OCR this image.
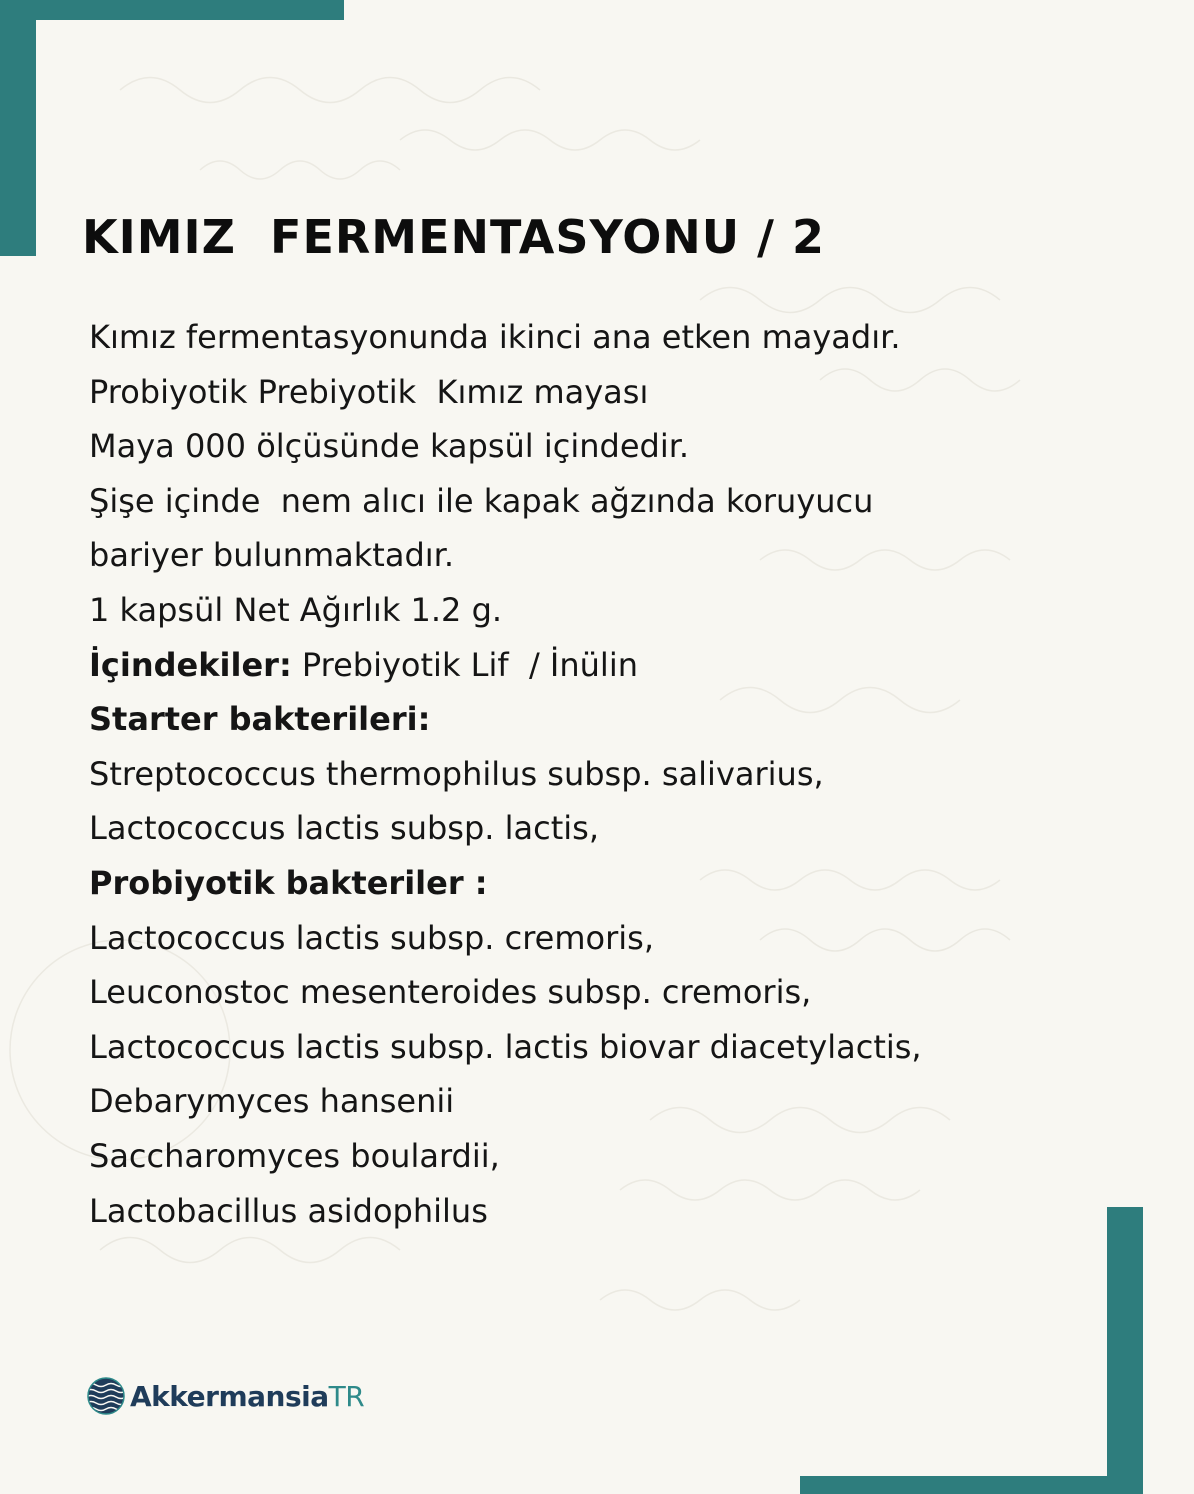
KIMIZ  FERMENTASYONU / 2
Kımız fermentasyonunda ikinci ana etken mayadır.
Probiyotik Prebiyotik  Kımız mayası
Maya 000 ölçüsünde kapsül içindedir.
Şişe içinde  nem alıcı ile kapak ağzında koruyucu
bariyer bulunmaktadır.
1 kapsül Net Ağırlık 1.2 g.
İçindekiler: Prebiyotik Lif  / İnülin
Starter bakterileri:
Streptococcus thermophilus subsp. salivarius,
Lactococcus lactis subsp. lactis,
Probiyotik bakteriler :
Lactococcus lactis subsp. cremoris,
Leuconostoc mesenteroides subsp. cremoris,
Lactococcus lactis subsp. lactis biovar diacetylactis,
Debarymyces hansenii
Saccharomyces boulardii,
Lactobacillus asidophilus
Akkermansia TR
